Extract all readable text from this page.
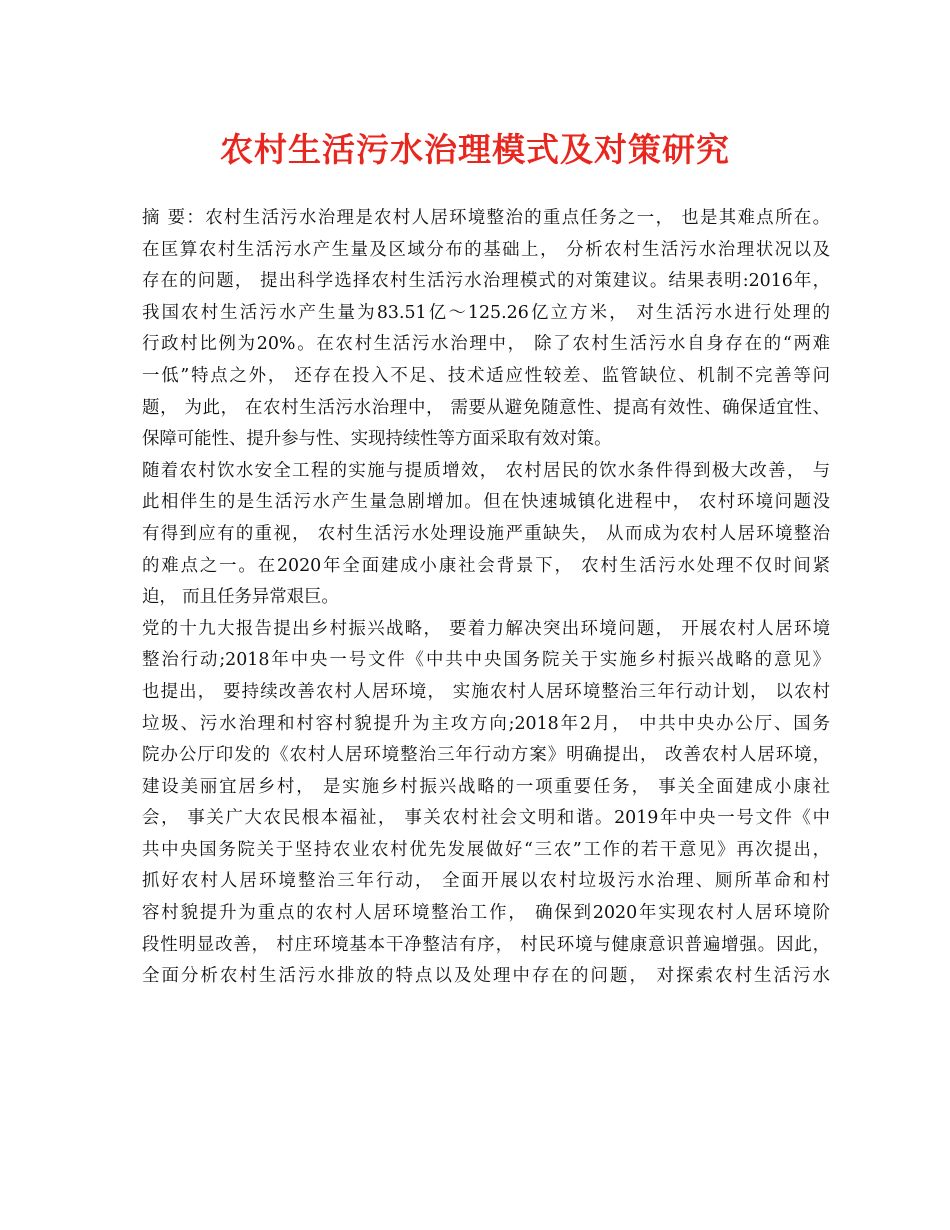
农村生活污水治理模式及对策研究
摘 要：农村生活污水治理是农村人居环境整治的重点任务之一， 也是其难点所在。
在匡算农村生活污水产生量及区域分布的基础上， 分析农村生活污水治理状况以及
存在的问题， 提出科学选择农村生活污水治理模式的对策建议。结果表明:2016年，
我国农村生活污水产生量为83.51亿～125.26亿立方米， 对生活污水进行处理的
行政村比例为20%。在农村生活污水治理中， 除了农村生活污水自身存在的“两难
一低”特点之外， 还存在投入不足、技术适应性较差、监管缺位、机制不完善等问
题， 为此， 在农村生活污水治理中， 需要从避免随意性、提高有效性、确保适宜性、
保障可能性、提升参与性、实现持续性等方面采取有效对策。
随着农村饮水安全工程的实施与提质增效， 农村居民的饮水条件得到极大改善， 与
此相伴生的是生活污水产生量急剧增加。但在快速城镇化进程中， 农村环境问题没
有得到应有的重视， 农村生活污水处理设施严重缺失， 从而成为农村人居环境整治
的难点之一。在2020年全面建成小康社会背景下， 农村生活污水处理不仅时间紧
迫， 而且任务异常艰巨。
党的十九大报告提出乡村振兴战略， 要着力解决突出环境问题， 开展农村人居环境
整治行动;2018年中央一号文件《中共中央国务院关于实施乡村振兴战略的意见》
也提出， 要持续改善农村人居环境， 实施农村人居环境整治三年行动计划， 以农村
垃圾、污水治理和村容村貌提升为主攻方向;2018年2月， 中共中央办公厅、国务
院办公厅印发的《农村人居环境整治三年行动方案》明确提出， 改善农村人居环境，
建设美丽宜居乡村， 是实施乡村振兴战略的一项重要任务， 事关全面建成小康社
会， 事关广大农民根本福祉， 事关农村社会文明和谐。2019年中央一号文件《中
共中央国务院关于坚持农业农村优先发展做好“三农”工作的若干意见》再次提出，
抓好农村人居环境整治三年行动， 全面开展以农村垃圾污水治理、厕所革命和村
容村貌提升为重点的农村人居环境整治工作， 确保到2020年实现农村人居环境阶
段性明显改善， 村庄环境基本干净整洁有序， 村民环境与健康意识普遍增强。因此，
全面分析农村生活污水排放的特点以及处理中存在的问题， 对探索农村生活污水
